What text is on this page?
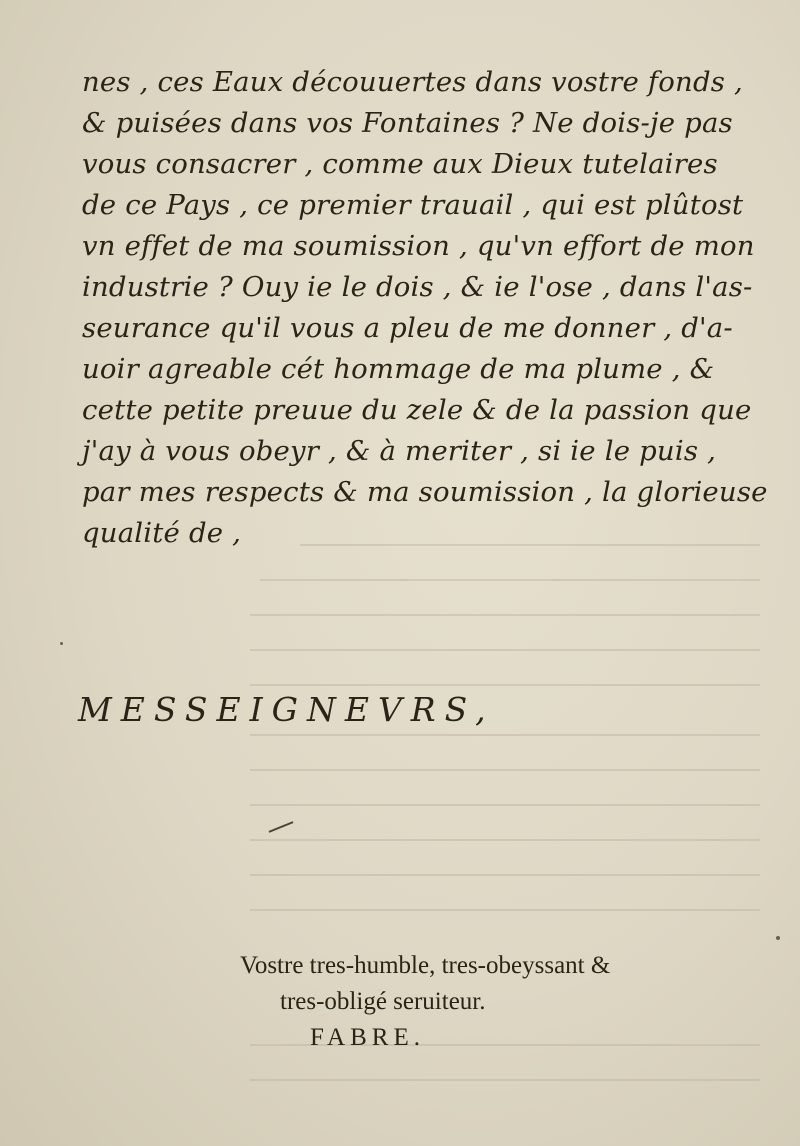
nes , ces Eaux découuertes dans vostre fonds ,
& puisées dans vos Fontaines ? Ne dois-je pas
vous consacrer , comme aux Dieux tutelaires
de ce Pays , ce premier trauail , qui est plûtost
vn effet de ma soumission , qu'vn effort de mon
industrie ? Ouy ie le dois , & ie l'ose , dans l'as-
seurance qu'il vous a pleu de me donner , d'a-
uoir agreable cét hommage de ma plume , &
cette petite preuue du zele & de la passion que
j'ay à vous obeyr , & à meriter , si ie le puis ,
par mes respects & ma soumission , la glorieuse
qualité de ,
MESSEIGNEVRS,
Vostre tres-humble, tres-obeyssant &
tres-obligé seruiteur.
FABRE.
